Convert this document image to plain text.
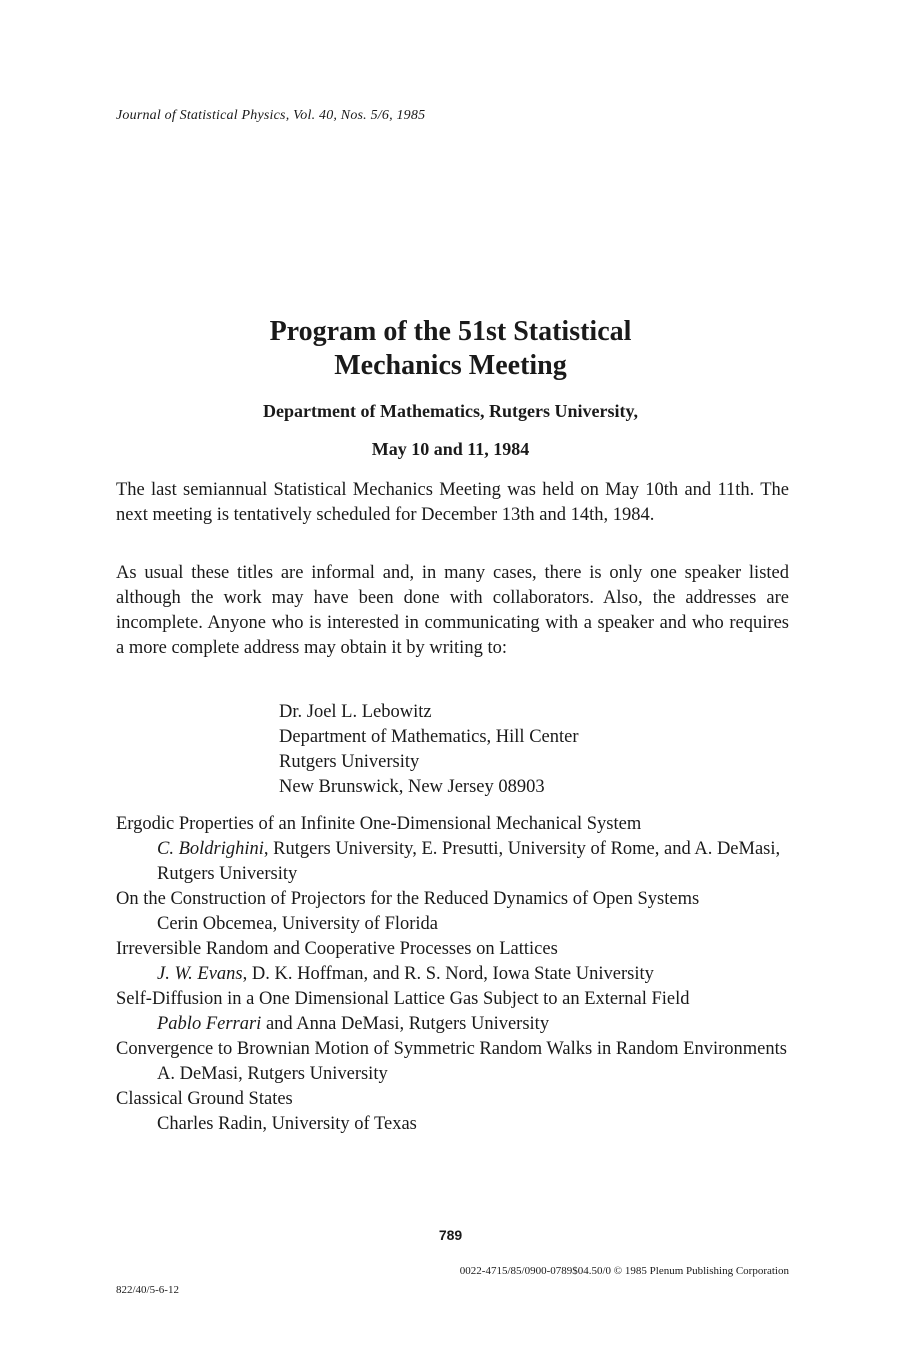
Journal of Statistical Physics, Vol. 40, Nos. 5/6, 1985
Program of the 51st Statistical
Mechanics Meeting
Department of Mathematics, Rutgers University,
May 10 and 11, 1984
The last semiannual Statistical Mechanics Meeting was held on May 10th and 11th. The next meeting is tentatively scheduled for December 13th and 14th, 1984.
As usual these titles are informal and, in many cases, there is only one speaker listed although the work may have been done with collaborators. Also, the addresses are incomplete. Anyone who is interested in communicating with a speaker and who requires a more complete address may obtain it by writing to:
Dr. Joel L. Lebowitz
Department of Mathematics, Hill Center
Rutgers University
New Brunswick, New Jersey 08903
Ergodic Properties of an Infinite One-Dimensional Mechanical System
C. Boldrighini, Rutgers University, E. Presutti, University of Rome, and A. DeMasi, Rutgers University
On the Construction of Projectors for the Reduced Dynamics of Open Systems
Cerin Obcemea, University of Florida
Irreversible Random and Cooperative Processes on Lattices
J. W. Evans, D. K. Hoffman, and R. S. Nord, Iowa State University
Self-Diffusion in a One Dimensional Lattice Gas Subject to an External Field
Pablo Ferrari and Anna DeMasi, Rutgers University
Convergence to Brownian Motion of Symmetric Random Walks in Random Environments
A. DeMasi, Rutgers University
Classical Ground States
Charles Radin, University of Texas
789
0022-4715/85/0900-0789$04.50/0 © 1985 Plenum Publishing Corporation
822/40/5-6-12
